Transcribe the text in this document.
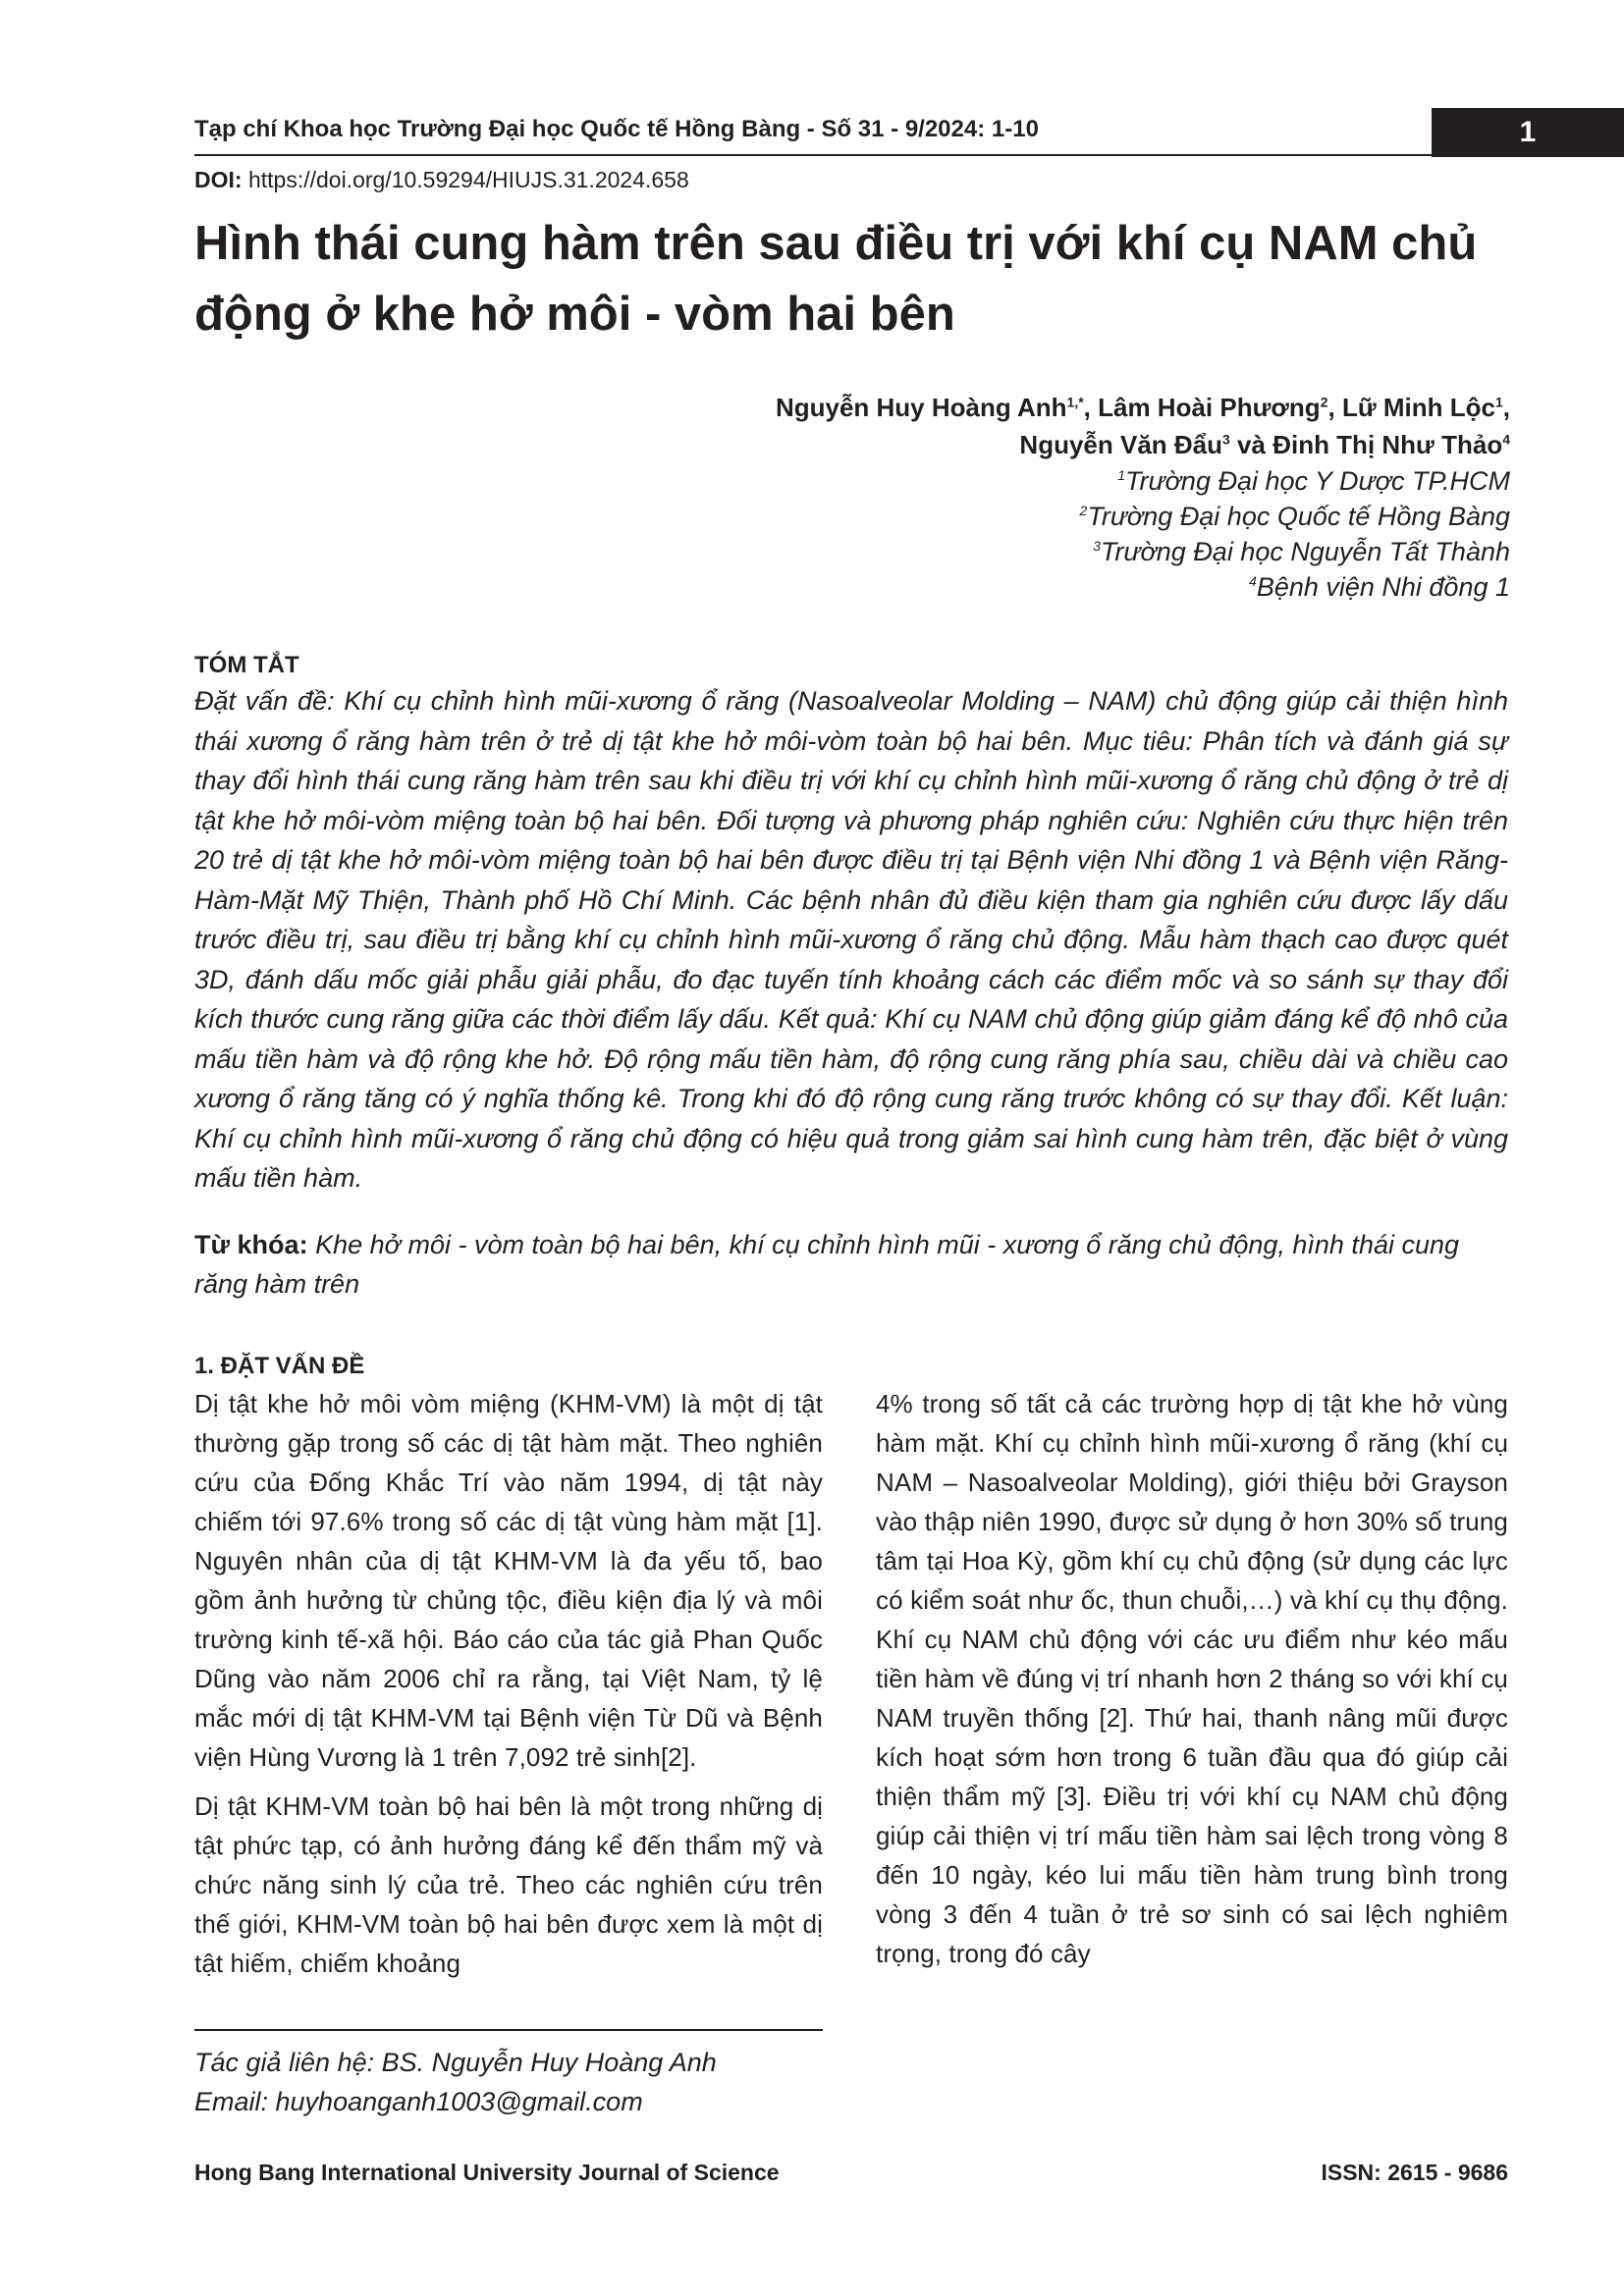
Tạp chí Khoa học Trường Đại học Quốc tế Hồng Bàng - Số 31 - 9/2024: 1-10	1
DOI: https://doi.org/10.59294/HIUJS.31.2024.658
Hình thái cung hàm trên sau điều trị với khí cụ NAM chủ động ở khe hở môi - vòm hai bên
Nguyễn Huy Hoàng Anh$^{1,*}$, Lâm Hoài Phương$^2$, Lữ Minh Lộc$^1$,
Nguyễn Văn Đẩu$^3$ và Đinh Thị Như Thảo$^4$
$^1$Trường Đại học Y Dược TP.HCM
$^2$Trường Đại học Quốc tế Hồng Bàng
$^3$Trường Đại học Nguyễn Tất Thành
$^4$Bệnh viện Nhi đồng 1
TÓM TẮT
Đặt vấn đề: Khí cụ chỉnh hình mũi-xương ổ răng (Nasoalveolar Molding – NAM) chủ động giúp cải thiện hình thái xương ổ răng hàm trên ở trẻ dị tật khe hở môi-vòm toàn bộ hai bên. Mục tiêu: Phân tích và đánh giá sự thay đổi hình thái cung răng hàm trên sau khi điều trị với khí cụ chỉnh hình mũi-xương ổ răng chủ động ở trẻ dị tật khe hở môi-vòm miệng toàn bộ hai bên. Đối tượng và phương pháp nghiên cứu: Nghiên cứu thực hiện trên 20 trẻ dị tật khe hở môi-vòm miệng toàn bộ hai bên được điều trị tại Bệnh viện Nhi đồng 1 và Bệnh viện Răng-Hàm-Mặt Mỹ Thiện, Thành phố Hồ Chí Minh. Các bệnh nhân đủ điều kiện tham gia nghiên cứu được lấy dấu trước điều trị, sau điều trị bằng khí cụ chỉnh hình mũi-xương ổ răng chủ động. Mẫu hàm thạch cao được quét 3D, đánh dấu mốc giải phẫu giải phẫu, đo đạc tuyến tính khoảng cách các điểm mốc và so sánh sự thay đổi kích thước cung răng giữa các thời điểm lấy dấu. Kết quả: Khí cụ NAM chủ động giúp giảm đáng kể độ nhô của mấu tiền hàm và độ rộng khe hở. Độ rộng mấu tiền hàm, độ rộng cung răng phía sau, chiều dài và chiều cao xương ổ răng tăng có ý nghĩa thống kê. Trong khi đó độ rộng cung răng trước không có sự thay đổi. Kết luận: Khí cụ chỉnh hình mũi-xương ổ răng chủ động có hiệu quả trong giảm sai hình cung hàm trên, đặc biệt ở vùng mấu tiền hàm.
Từ khóa: Khe hở môi - vòm toàn bộ hai bên, khí cụ chỉnh hình mũi - xương ổ răng chủ động, hình thái cung răng hàm trên
1. ĐẶT VẤN ĐỀ

Dị tật khe hở môi vòm miệng (KHM-VM) là một dị tật thường gặp trong số các dị tật hàm mặt. Theo nghiên cứu của Đống Khắc Trí vào năm 1994, dị tật này chiếm tới 97.6% trong số các dị tật vùng hàm mặt [1]. Nguyên nhân của dị tật KHM-VM là đa yếu tố, bao gồm ảnh hưởng từ chủng tộc, điều kiện địa lý và môi trường kinh tế-xã hội. Báo cáo của tác giả Phan Quốc Dũng vào năm 2006 chỉ ra rằng, tại Việt Nam, tỷ lệ mắc mới dị tật KHM-VM tại Bệnh viện Từ Dũ và Bệnh viện Hùng Vương là 1 trên 7,092 trẻ sinh[2].

Dị tật KHM-VM toàn bộ hai bên là một trong những dị tật phức tạp, có ảnh hưởng đáng kể đến thẩm mỹ và chức năng sinh lý của trẻ. Theo các nghiên cứu trên thế giới, KHM-VM toàn bộ hai bên được xem là một dị tật hiếm, chiếm khoảng

4% trong số tất cả các trường hợp dị tật khe hở vùng hàm mặt. Khí cụ chỉnh hình mũi-xương ổ răng (khí cụ NAM – Nasoalveolar Molding), giới thiệu bởi Grayson vào thập niên 1990, được sử dụng ở hơn 30% số trung tâm tại Hoa Kỳ, gồm khí cụ chủ động (sử dụng các lực có kiểm soát như ốc, thun chuỗi,…) và khí cụ thụ động. Khí cụ NAM chủ động với các ưu điểm như kéo mấu tiền hàm về đúng vị trí nhanh hơn 2 tháng so với khí cụ NAM truyền thống [2]. Thứ hai, thanh nâng mũi được kích hoạt sớm hơn trong 6 tuần đầu qua đó giúp cải thiện thẩm mỹ [3]. Điều trị với khí cụ NAM chủ động giúp cải thiện vị trí mấu tiền hàm sai lệch trong vòng 8 đến 10 ngày, kéo lui mấu tiền hàm trung bình trong vòng 3 đến 4 tuần ở trẻ sơ sinh có sai lệch nghiêm trọng, trong đó cây

Tác giả liên hệ: BS. Nguyễn Huy Hoàng Anh
Email: huyhoanganh1003@gmail.com
Hong Bang International University Journal of Science	ISSN: 2615 - 9686
